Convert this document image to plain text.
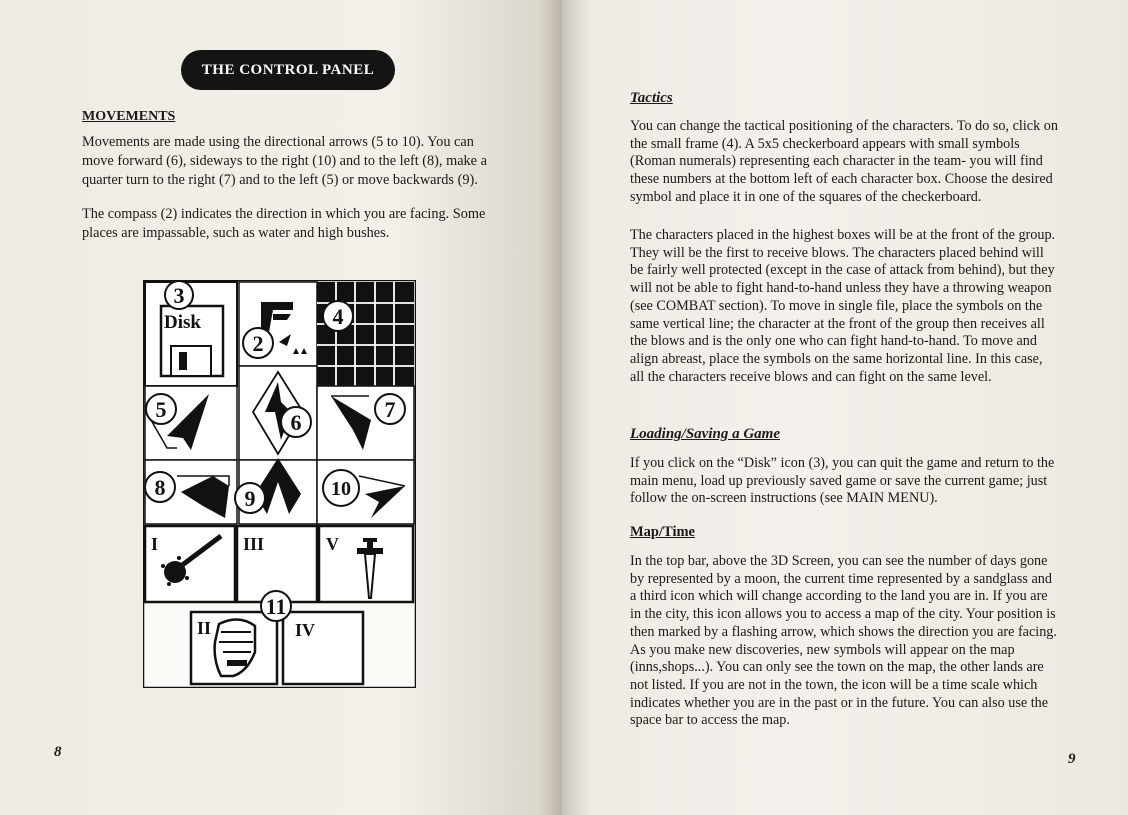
THE CONTROL PANEL
MOVEMENTS

Movements are made using the directional arrows (5 to 10). You can move forward (6), sideways to the right (10) and to the left (8), make a quarter turn to the right (7) and to the left (5) or move backwards (9).

The compass (2) indicates the direction in which you are facing. Some places are impassable, such as water and high bushes.

Disk
I	III	V
II	IV
3
2
4
5
6
7
8	9	10
11
8
Tactics

You can change the tactical positioning of the characters. To do so, click on the small frame (4). A 5x5 checkerboard appears with small symbols (Roman numerals) representing each character in the team- you will find these numbers at the bottom left of each character box. Choose the desired symbol and place it in one of the squares of the checkerboard.

The characters placed in the highest boxes will be at the front of the group. They will be the first to receive blows. The characters placed behind will be fairly well protected (except in the case of attack from behind), but they will not be able to fight hand-to-hand unless they have a throwing weapon (see COMBAT section). To move in single file, place the symbols on the same vertical line; the character at the front of the group then receives all the blows and is the only one who can fight hand-to-hand. To move and align abreast, place the symbols on the same horizontal line. In this case, all the characters receive blows and can fight on the same level.

Loading/Saving a Game

If you click on the “Disk” icon (3), you can quit the game and return to the main menu, load up previously saved game or save the current game; just follow the on-screen instructions (see MAIN MENU).

Map/Time

In the top bar, above the 3D Screen, you can see the number of days gone by represented by a moon, the current time represented by a sandglass and a third icon which will change according to the land you are in. If you are in the city, this icon allows you to access a map of the city. Your position is then marked by a flashing arrow, which shows the direction you are facing. As you make new discoveries, new symbols will appear on the map (inns,shops...). You can only see the town on the map, the other lands are not listed. If you are not in the town, the icon will be a time scale which indicates whether you are in the past or in the future. You can also use the space bar to access the map.

9
